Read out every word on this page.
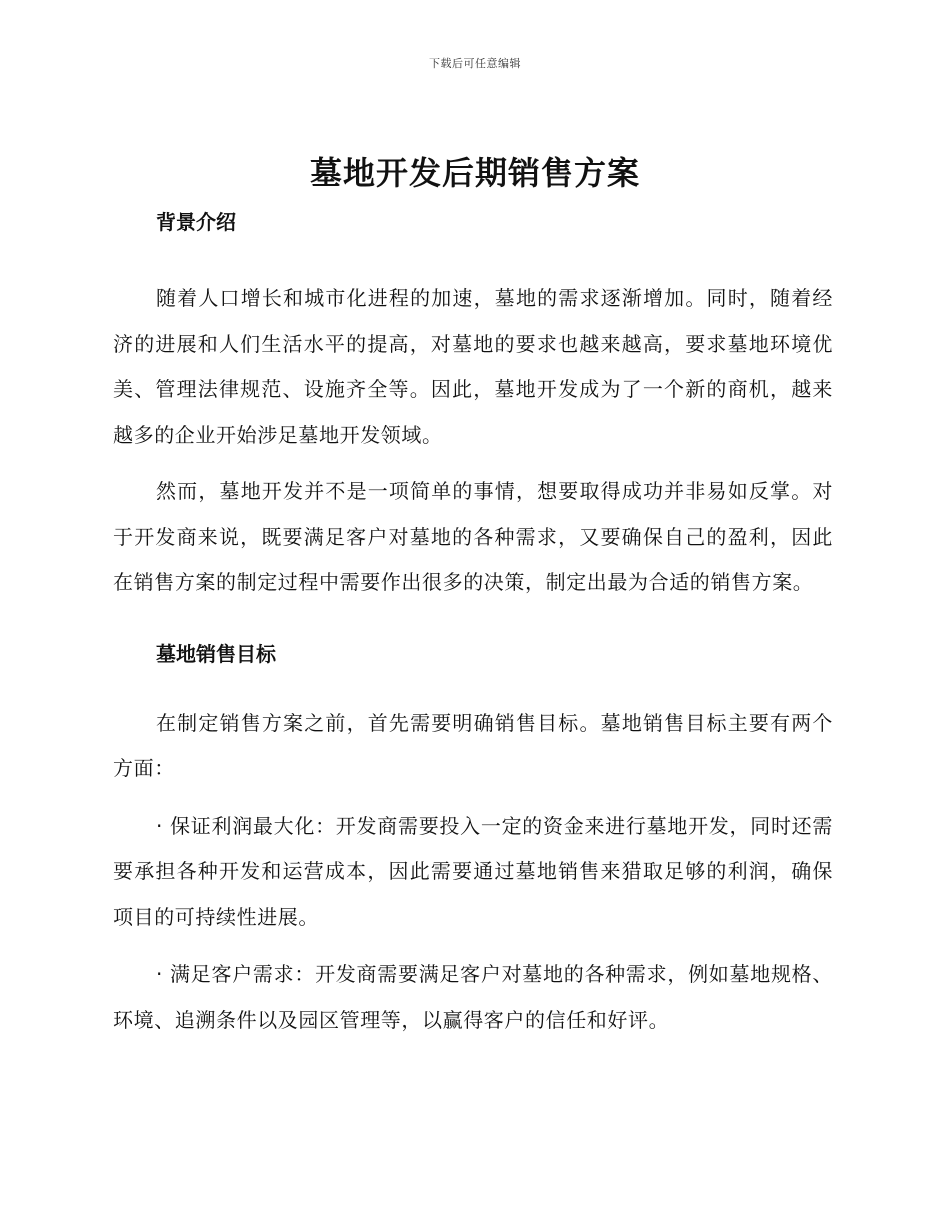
下载后可任意编辑
墓地开发后期销售方案
背景介绍

随着人口增长和城市化进程的加速，墓地的需求逐渐增加。同时，随着经济的进展和人们生活水平的提高，对墓地的要求也越来越高，要求墓地环境优美、管理法律规范、设施齐全等。因此，墓地开发成为了一个新的商机，越来越多的企业开始涉足墓地开发领域。

然而，墓地开发并不是一项简单的事情，想要取得成功并非易如反掌。对于开发商来说，既要满足客户对墓地的各种需求，又要确保自己的盈利，因此在销售方案的制定过程中需要作出很多的决策，制定出最为合适的销售方案。

墓地销售目标

在制定销售方案之前，首先需要明确销售目标。墓地销售目标主要有两个方面：

· 保证利润最大化：开发商需要投入一定的资金来进行墓地开发，同时还需要承担各种开发和运营成本，因此需要通过墓地销售来猎取足够的利润，确保项目的可持续性进展。

· 满足客户需求：开发商需要满足客户对墓地的各种需求，例如墓地规格、环境、追溯条件以及园区管理等，以赢得客户的信任和好评。
